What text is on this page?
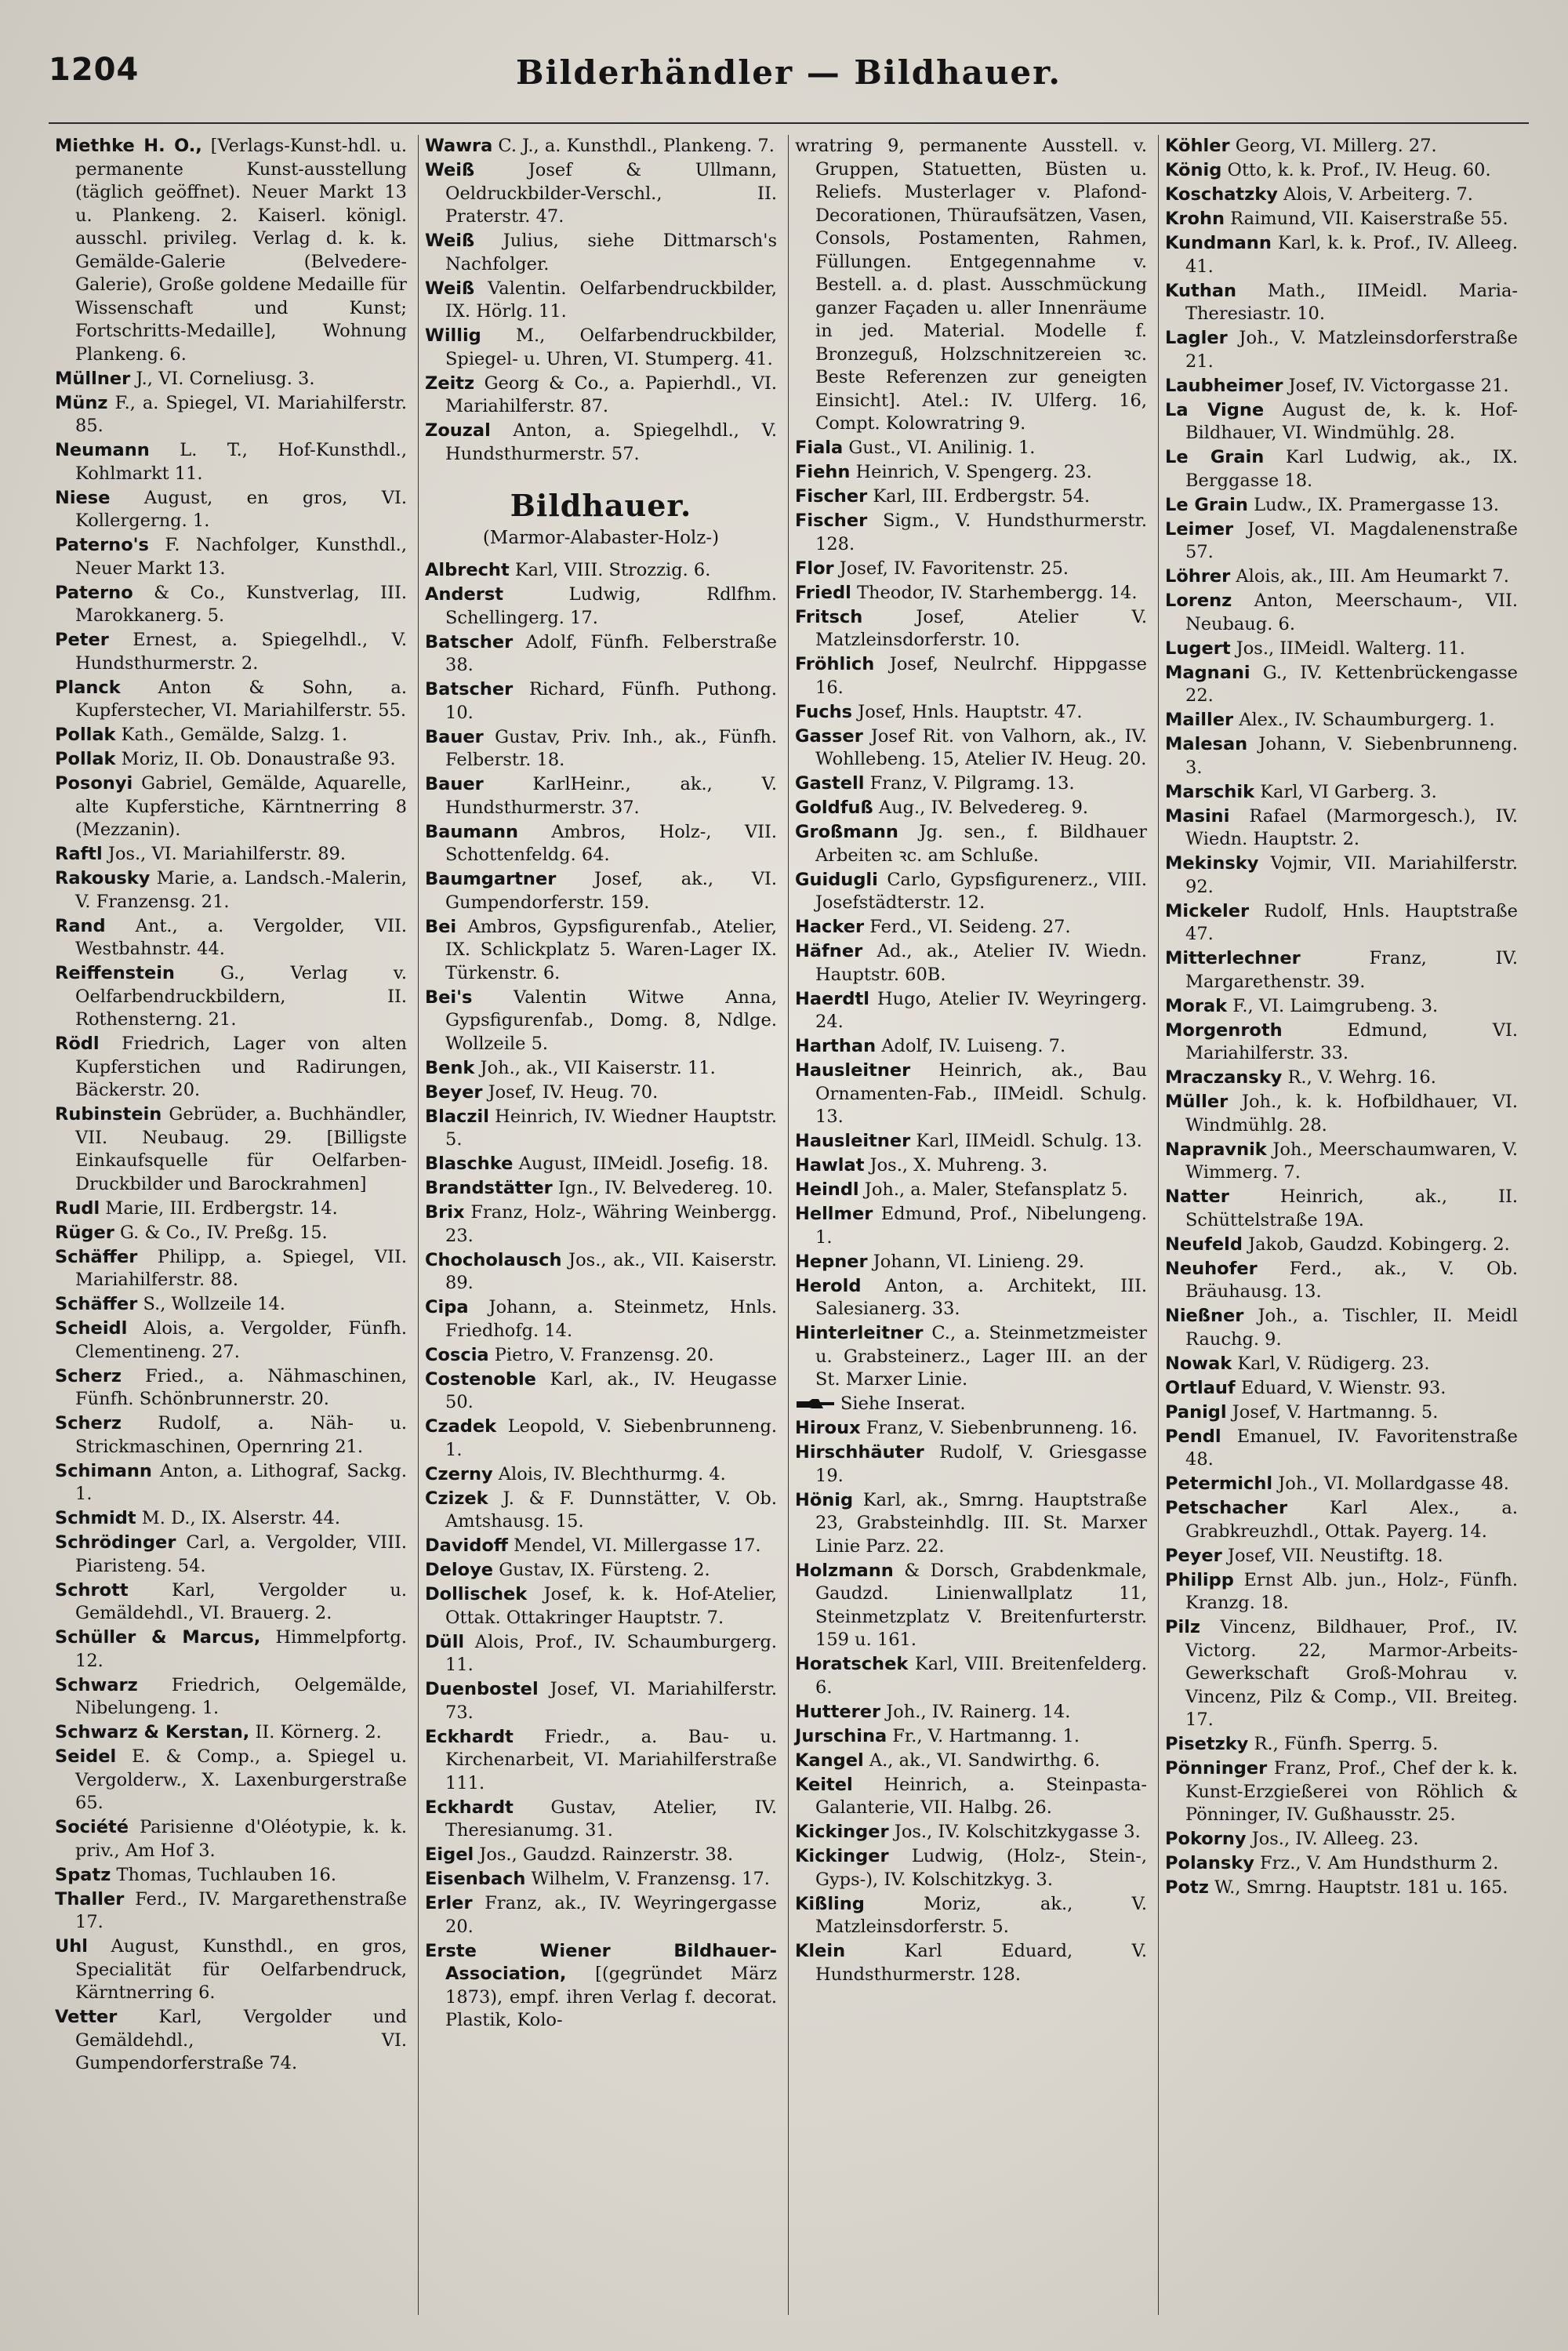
1204	Bilderhändler — Bildhauer.
Miethke H. O., [Verlags-Kunst-hdl. u. permanente Kunst-ausstellung (täglich geöffnet). Neuer Markt 13 u. Plankeng. 2. Kaiserl. königl. ausschl. privileg. Verlag d. k. k. Gemälde-Galerie (Belvedere-Galerie), Große goldene Medaille für Wissenschaft und Kunst; Fortschritts-Medaille], Wohnung Plankeng. 6.
Müllner J., VI. Corneliusg. 3.
Münz F., a. Spiegel, VI. Mariahilferstr. 85.
Neumann L. T., Hof-Kunsthdl., Kohlmarkt 11.
Niese August, en gros, VI. Kollergerng. 1.
Paterno's F. Nachfolger, Kunsthdl., Neuer Markt 13.
Paterno & Co., Kunstverlag, III. Marokkanerg. 5.
Peter Ernest, a. Spiegelhdl., V. Hundsthurmerstr. 2.
Planck Anton & Sohn, a. Kupferstecher, VI. Mariahilferstr. 55.
Pollak Kath., Gemälde, Salzg. 1.
Pollak Moriz, II. Ob. Donaustraße 93.
Posonyi Gabriel, Gemälde, Aquarelle, alte Kupferstiche, Kärntnerring 8 (Mezzanin).
Raftl Jos., VI. Mariahilferstr. 89.
Rakousky Marie, a. Landsch.-Malerin, V. Franzensg. 21.
Rand Ant., a. Vergolder, VII. Westbahnstr. 44.
Reiffenstein G., Verlag v. Oelfarbendruckbildern, II. Rothensterng. 21.
Rödl Friedrich, Lager von alten Kupferstichen und Radirungen, Bäckerstr. 20.
Rubinstein Gebrüder, a. Buchhändler, VII. Neubaug. 29. [Billigste Einkaufsquelle für Oelfarben-Druckbilder und Barockrahmen]
Rudl Marie, III. Erdbergstr. 14.
Rüger G. & Co., IV. Preßg. 15.
Schäffer Philipp, a. Spiegel, VII. Mariahilferstr. 88.
Schäffer S., Wollzeile 14.
Scheidl Alois, a. Vergolder, Fünfh. Clementineng. 27.
Scherz Fried., a. Nähmaschinen, Fünfh. Schönbrunnerstr. 20.
Scherz Rudolf, a. Näh- u. Strickmaschinen, Opernring 21.
Schimann Anton, a. Lithograf, Sackg. 1.
Schmidt M. D., IX. Alserstr. 44.
Schrödinger Carl, a. Vergolder, VIII. Piaristeng. 54.
Schrott Karl, Vergolder u. Gemäldehdl., VI. Brauerg. 2.
Schüller & Marcus, Himmelpfortg. 12.
Schwarz Friedrich, Oelgemälde, Nibelungeng. 1.
Schwarz & Kerstan, II. Körnerg. 2.
Seidel E. & Comp., a. Spiegel u. Vergolderw., X. Laxenburgerstraße 65.
Société Parisienne d'Oléotypie, k. k. priv., Am Hof 3.
Spatz Thomas, Tuchlauben 16.
Thaller Ferd., IV. Margarethenstraße 17.
Uhl August, Kunsthdl., en gros, Specialität für Oelfarbendruck, Kärntnerring 6.
Vetter Karl, Vergolder und Gemäldehdl., VI. Gumpendorferstraße 74.
Wawra C. J., a. Kunsthdl., Plankeng. 7.
Weiß Josef & Ullmann, Oeldruckbilder-Verschl., II. Praterstr. 47.
Weiß Julius, siehe Dittmarsch's Nachfolger.
Weiß Valentin. Oelfarbendruckbilder, IX. Hörlg. 11.
Willig M., Oelfarbendruckbilder, Spiegel- u. Uhren, VI. Stumperg. 41.
Zeitz Georg & Co., a. Papierhdl., VI. Mariahilferstr. 87.
Zouzal Anton, a. Spiegelhdl., V. Hundsthurmerstr. 57.
Bildhauer.
(Marmor-Alabaster-Holz-)
Albrecht Karl, VIII. Strozzig. 6.
Anderst Ludwig, Rdlfhm. Schellingerg. 17.
Batscher Adolf, Fünfh. Felberstraße 38.
Batscher Richard, Fünfh. Puthong. 10.
Bauer Gustav, Priv. Inh., ak., Fünfh. Felberstr. 18.
Bauer KarlHeinr., ak., V. Hundsthurmerstr. 37.
Baumann Ambros, Holz-, VII. Schottenfeldg. 64.
Baumgartner Josef, ak., VI. Gumpendorferstr. 159.
Bei Ambros, Gypsfigurenfab., Atelier, IX. Schlickplatz 5. Waren-Lager IX. Türkenstr. 6.
Bei's Valentin Witwe Anna, Gypsfigurenfab., Domg. 8, Ndlge. Wollzeile 5.
Benk Joh., ak., VII Kaiserstr. 11.
Beyer Josef, IV. Heug. 70.
Blaczil Heinrich, IV. Wiedner Hauptstr. 5.
Blaschke August, IIMeidl. Josefig. 18.
Brandstätter Ign., IV. Belvedereg. 10.
Brix Franz, Holz-, Währing Weinbergg. 23.
Chocholausch Jos., ak., VII. Kaiserstr. 89.
Cipa Johann, a. Steinmetz, Hnls. Friedhofg. 14.
Coscia Pietro, V. Franzensg. 20.
Costenoble Karl, ak., IV. Heugasse 50.
Czadek Leopold, V. Siebenbrunneng. 1.
Czerny Alois, IV. Blechthurmg. 4.
Czizek J. & F. Dunnstätter, V. Ob. Amtshausg. 15.
Davidoff Mendel, VI. Millergasse 17.
Deloye Gustav, IX. Fürsteng. 2.
Dollischek Josef, k. k. Hof-Atelier, Ottak. Ottakringer Hauptstr. 7.
Düll Alois, Prof., IV. Schaumburgerg. 11.
Duenbostel Josef, VI. Mariahilferstr. 73.
Eckhardt Friedr., a. Bau- u. Kirchenarbeit, VI. Mariahilferstraße 111.
Eckhardt Gustav, Atelier, IV. Theresianumg. 31.
Eigel Jos., Gaudzd. Rainzerstr. 38.
Eisenbach Wilhelm, V. Franzensg. 17.
Erler Franz, ak., IV. Weyringergasse 20.
Erste Wiener Bildhauer-Association, [(gegründet März 1873), empf. ihren Verlag f. decorat. Plastik, Kolo-
wratring 9, permanente Ausstell. v. Gruppen, Statuetten, Büsten u. Reliefs. Musterlager v. Plafond-Decorationen, Thüraufsätzen, Vasen, Consols, Postamenten, Rahmen, Füllungen. Entgegennahme v. Bestell. a. d. plast. Ausschmückung ganzer Façaden u. aller Innenräume in jed. Material. Modelle f. Bronzeguß, Holzschnitzereien ꝛc. Beste Referenzen zur geneigten Einsicht]. Atel.: IV. Ulferg. 16, Compt. Kolowratring 9.
Fiala Gust., VI. Anilinig. 1.
Fiehn Heinrich, V. Spengerg. 23.
Fischer Karl, III. Erdbergstr. 54.
Fischer Sigm., V. Hundsthurmerstr. 128.
Flor Josef, IV. Favoritenstr. 25.
Friedl Theodor, IV. Starhembergg. 14.
Fritsch Josef, Atelier V. Matzleinsdorferstr. 10.
Fröhlich Josef, Neulrchf. Hippgasse 16.
Fuchs Josef, Hnls. Hauptstr. 47.
Gasser Josef Rit. von Valhorn, ak., IV. Wohllebeng. 15, Atelier IV. Heug. 20.
Gastell Franz, V. Pilgramg. 13.
Goldfuß Aug., IV. Belvedereg. 9.
Großmann Jg. sen., f. Bildhauer Arbeiten ꝛc. am Schluße.
Guidugli Carlo, Gypsfigurenerz., VIII. Josefstädterstr. 12.
Hacker Ferd., VI. Seideng. 27.
Häfner Ad., ak., Atelier IV. Wiedn. Hauptstr. 60B.
Haerdtl Hugo, Atelier IV. Weyringerg. 24.
Harthan Adolf, IV. Luiseng. 7.
Hausleitner Heinrich, ak., Bau Ornamenten-Fab., IIMeidl. Schulg. 13.
Hausleitner Karl, IIMeidl. Schulg. 13.
Hawlat Jos., X. Muhreng. 3.
Heindl Joh., a. Maler, Stefansplatz 5.
Hellmer Edmund, Prof., Nibelungeng. 1.
Hepner Johann, VI. Linieng. 29.
Herold Anton, a. Architekt, III. Salesianerg. 33.
Hinterleitner C., a. Steinmetzmeister u. Grabsteinerz., Lager III. an der St. Marxer Linie.
Siehe Inserat.
Hiroux Franz, V. Siebenbrunneng. 16.
Hirschhäuter Rudolf, V. Griesgasse 19.
Hönig Karl, ak., Smrng. Hauptstraße 23, Grabsteinhdlg. III. St. Marxer Linie Parz. 22.
Holzmann & Dorsch, Grabdenkmale, Gaudzd. Linienwallplatz 11, Steinmetzplatz V. Breitenfurterstr. 159 u. 161.
Horatschek Karl, VIII. Breitenfelderg. 6.
Hutterer Joh., IV. Rainerg. 14.
Jurschina Fr., V. Hartmanng. 1.
Kangel A., ak., VI. Sandwirthg. 6.
Keitel Heinrich, a. Steinpasta-Galanterie, VII. Halbg. 26.
Kickinger Jos., IV. Kolschitzkygasse 3.
Kickinger Ludwig, (Holz-, Stein-, Gyps-), IV. Kolschitzkyg. 3.
Kißling Moriz, ak., V. Matzleinsdorferstr. 5.
Klein Karl Eduard, V. Hundsthurmerstr. 128.
Köhler Georg, VI. Millerg. 27.
König Otto, k. k. Prof., IV. Heug. 60.
Koschatzky Alois, V. Arbeiterg. 7.
Krohn Raimund, VII. Kaiserstraße 55.
Kundmann Karl, k. k. Prof., IV. Alleeg. 41.
Kuthan Math., IIMeidl. Maria-Theresiastr. 10.
Lagler Joh., V. Matzleinsdorferstraße 21.
Laubheimer Josef, IV. Victorgasse 21.
La Vigne August de, k. k. Hof-Bildhauer, VI. Windmühlg. 28.
Le Grain Karl Ludwig, ak., IX. Berggasse 18.
Le Grain Ludw., IX. Pramergasse 13.
Leimer Josef, VI. Magdalenenstraße 57.
Löhrer Alois, ak., III. Am Heumarkt 7.
Lorenz Anton, Meerschaum-, VII. Neubaug. 6.
Lugert Jos., IIMeidl. Walterg. 11.
Magnani G., IV. Kettenbrückengasse 22.
Mailler Alex., IV. Schaumburgerg. 1.
Malesan Johann, V. Siebenbrunneng. 3.
Marschik Karl, VI Garberg. 3.
Masini Rafael (Marmorgesch.), IV. Wiedn. Hauptstr. 2.
Mekinsky Vojmir, VII. Mariahilferstr. 92.
Mickeler Rudolf, Hnls. Hauptstraße 47.
Mitterlechner Franz, IV. Margarethenstr. 39.
Morak F., VI. Laimgrubeng. 3.
Morgenroth Edmund, VI. Mariahilferstr. 33.
Mraczansky R., V. Wehrg. 16.
Müller Joh., k. k. Hofbildhauer, VI. Windmühlg. 28.
Napravnik Joh., Meerschaumwaren, V. Wimmerg. 7.
Natter Heinrich, ak., II. Schüttelstraße 19A.
Neufeld Jakob, Gaudzd. Kobingerg. 2.
Neuhofer Ferd., ak., V. Ob. Bräuhausg. 13.
Nießner Joh., a. Tischler, II. Meidl Rauchg. 9.
Nowak Karl, V. Rüdigerg. 23.
Ortlauf Eduard, V. Wienstr. 93.
Panigl Josef, V. Hartmanng. 5.
Pendl Emanuel, IV. Favoritenstraße 48.
Petermichl Joh., VI. Mollardgasse 48.
Petschacher Karl Alex., a. Grabkreuzhdl., Ottak. Payerg. 14.
Peyer Josef, VII. Neustiftg. 18.
Philipp Ernst Alb. jun., Holz-, Fünfh. Kranzg. 18.
Pilz Vincenz, Bildhauer, Prof., IV. Victorg. 22, Marmor-Arbeits-Gewerkschaft Groß-Mohrau v. Vincenz, Pilz & Comp., VII. Breiteg. 17.
Pisetzky R., Fünfh. Sperrg. 5.
Pönninger Franz, Prof., Chef der k. k. Kunst-Erzgießerei von Röhlich & Pönninger, IV. Gußhausstr. 25.
Pokorny Jos., IV. Alleeg. 23.
Polansky Frz., V. Am Hundsthurm 2.
Potz W., Smrng. Hauptstr. 181 u. 165.
